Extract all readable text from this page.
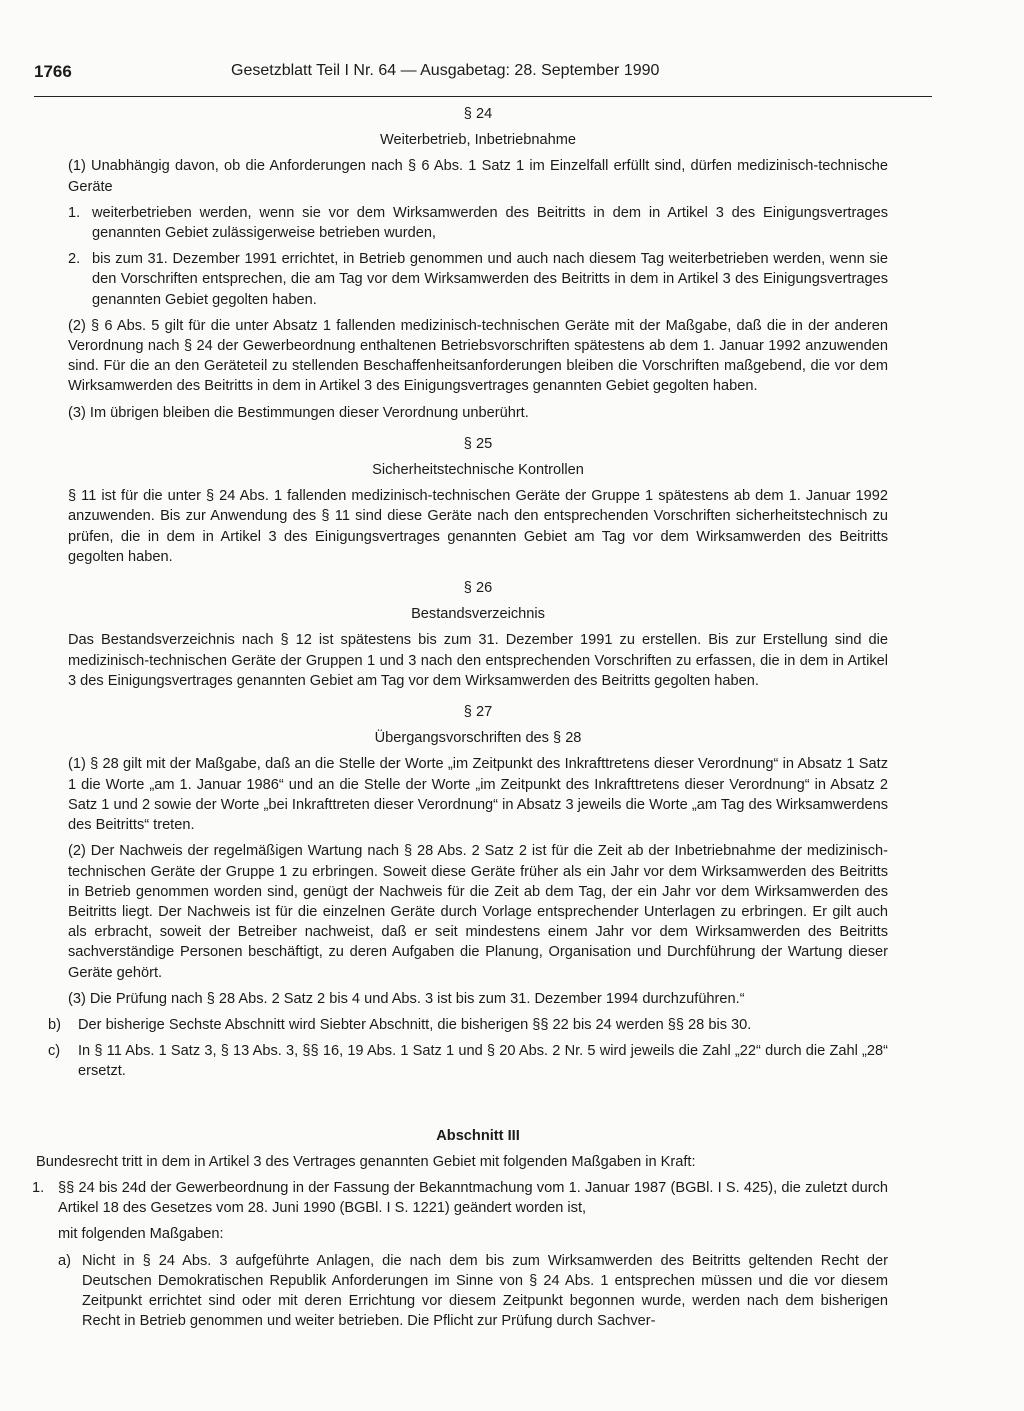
1766	Gesetzblatt Teil I Nr. 64 — Ausgabetag: 28. September 1990
§ 24
Weiterbetrieb, Inbetriebnahme

(1) Unabhängig davon, ob die Anforderungen nach § 6 Abs. 1 Satz 1 im Einzelfall erfüllt sind, dürfen medizinisch-technische Geräte

1. weiterbetrieben werden, wenn sie vor dem Wirksamwerden des Beitritts in dem in Artikel 3 des Einigungsvertrages genannten Gebiet zulässigerweise betrieben wurden,
2. bis zum 31. Dezember 1991 errichtet, in Betrieb genommen und auch nach diesem Tag weiterbetrieben werden, wenn sie den Vorschriften entsprechen, die am Tag vor dem Wirksamwerden des Beitritts in dem in Artikel 3 des Einigungsvertrages genannten Gebiet gegolten haben.

(2) § 6 Abs. 5 gilt für die unter Absatz 1 fallenden medizinisch-technischen Geräte mit der Maßgabe, daß die in der anderen Verordnung nach § 24 der Gewerbeordnung enthaltenen Betriebsvorschriften spätestens ab dem 1. Januar 1992 anzuwenden sind. Für die an den Geräteteil zu stellenden Beschaffenheitsanforderungen bleiben die Vorschriften maßgebend, die vor dem Wirksamwerden des Beitritts in dem in Artikel 3 des Einigungsvertrages genannten Gebiet gegolten haben.

(3) Im übrigen bleiben die Bestimmungen dieser Verordnung unberührt.

§ 25
Sicherheitstechnische Kontrollen

§ 11 ist für die unter § 24 Abs. 1 fallenden medizinisch-technischen Geräte der Gruppe 1 spätestens ab dem 1. Januar 1992 anzuwenden. Bis zur Anwendung des § 11 sind diese Geräte nach den entsprechenden Vorschriften sicherheitstechnisch zu prüfen, die in dem in Artikel 3 des Einigungsvertrages genannten Gebiet am Tag vor dem Wirksamwerden des Beitritts gegolten haben.

§ 26
Bestandsverzeichnis

Das Bestandsverzeichnis nach § 12 ist spätestens bis zum 31. Dezember 1991 zu erstellen. Bis zur Erstellung sind die medizinisch-technischen Geräte der Gruppen 1 und 3 nach den entsprechenden Vorschriften zu erfassen, die in dem in Artikel 3 des Einigungsvertrages genannten Gebiet am Tag vor dem Wirksamwerden des Beitritts gegolten haben.

§ 27
Übergangsvorschriften des § 28

(1) § 28 gilt mit der Maßgabe, daß an die Stelle der Worte „im Zeitpunkt des Inkrafttretens dieser Verordnung“ in Absatz 1 Satz 1 die Worte „am 1. Januar 1986“ und an die Stelle der Worte „im Zeitpunkt des Inkrafttretens dieser Verordnung“ in Absatz 2 Satz 1 und 2 sowie der Worte „bei Inkrafttreten dieser Verordnung“ in Absatz 3 jeweils die Worte „am Tag des Wirksamwerdens des Beitritts“ treten.

(2) Der Nachweis der regelmäßigen Wartung nach § 28 Abs. 2 Satz 2 ist für die Zeit ab der Inbetriebnahme der medizinisch-technischen Geräte der Gruppe 1 zu erbringen. Soweit diese Geräte früher als ein Jahr vor dem Wirksamwerden des Beitritts in Betrieb genommen worden sind, genügt der Nachweis für die Zeit ab dem Tag, der ein Jahr vor dem Wirksamwerden des Beitritts liegt. Der Nachweis ist für die einzelnen Geräte durch Vorlage entsprechender Unterlagen zu erbringen. Er gilt auch als erbracht, soweit der Betreiber nachweist, daß er seit mindestens einem Jahr vor dem Wirksamwerden des Beitritts sachverständige Personen beschäftigt, zu deren Aufgaben die Planung, Organisation und Durchführung der Wartung dieser Geräte gehört.

(3) Die Prüfung nach § 28 Abs. 2 Satz 2 bis 4 und Abs. 3 ist bis zum 31. Dezember 1994 durchzuführen.“

b)	Der bisherige Sechste Abschnitt wird Siebter Abschnitt, die bisherigen §§ 22 bis 24 werden §§ 28 bis 30.
c)	In § 11 Abs. 1 Satz 3, § 13 Abs. 3, §§ 16, 19 Abs. 1 Satz 1 und § 20 Abs. 2 Nr. 5 wird jeweils die Zahl „22“ durch die Zahl „28“ ersetzt.
Abschnitt III

Bundesrecht tritt in dem in Artikel 3 des Vertrages genannten Gebiet mit folgenden Maßgaben in Kraft:

1. §§ 24 bis 24d der Gewerbeordnung in der Fassung der Bekanntmachung vom 1. Januar 1987 (BGBl. I S. 425), die zuletzt durch Artikel 18 des Gesetzes vom 28. Juni 1990 (BGBl. I S. 1221) geändert worden ist,

mit folgenden Maßgaben:

a) Nicht in § 24 Abs. 3 aufgeführte Anlagen, die nach dem bis zum Wirksamwerden des Beitritts geltenden Recht der Deutschen Demokratischen Republik Anforderungen im Sinne von § 24 Abs. 1 entsprechen müssen und die vor diesem Zeitpunkt errichtet sind oder mit deren Errichtung vor diesem Zeitpunkt begonnen wurde, werden nach dem bisherigen Recht in Betrieb genommen und weiter betrieben. Die Pflicht zur Prüfung durch Sachver-
